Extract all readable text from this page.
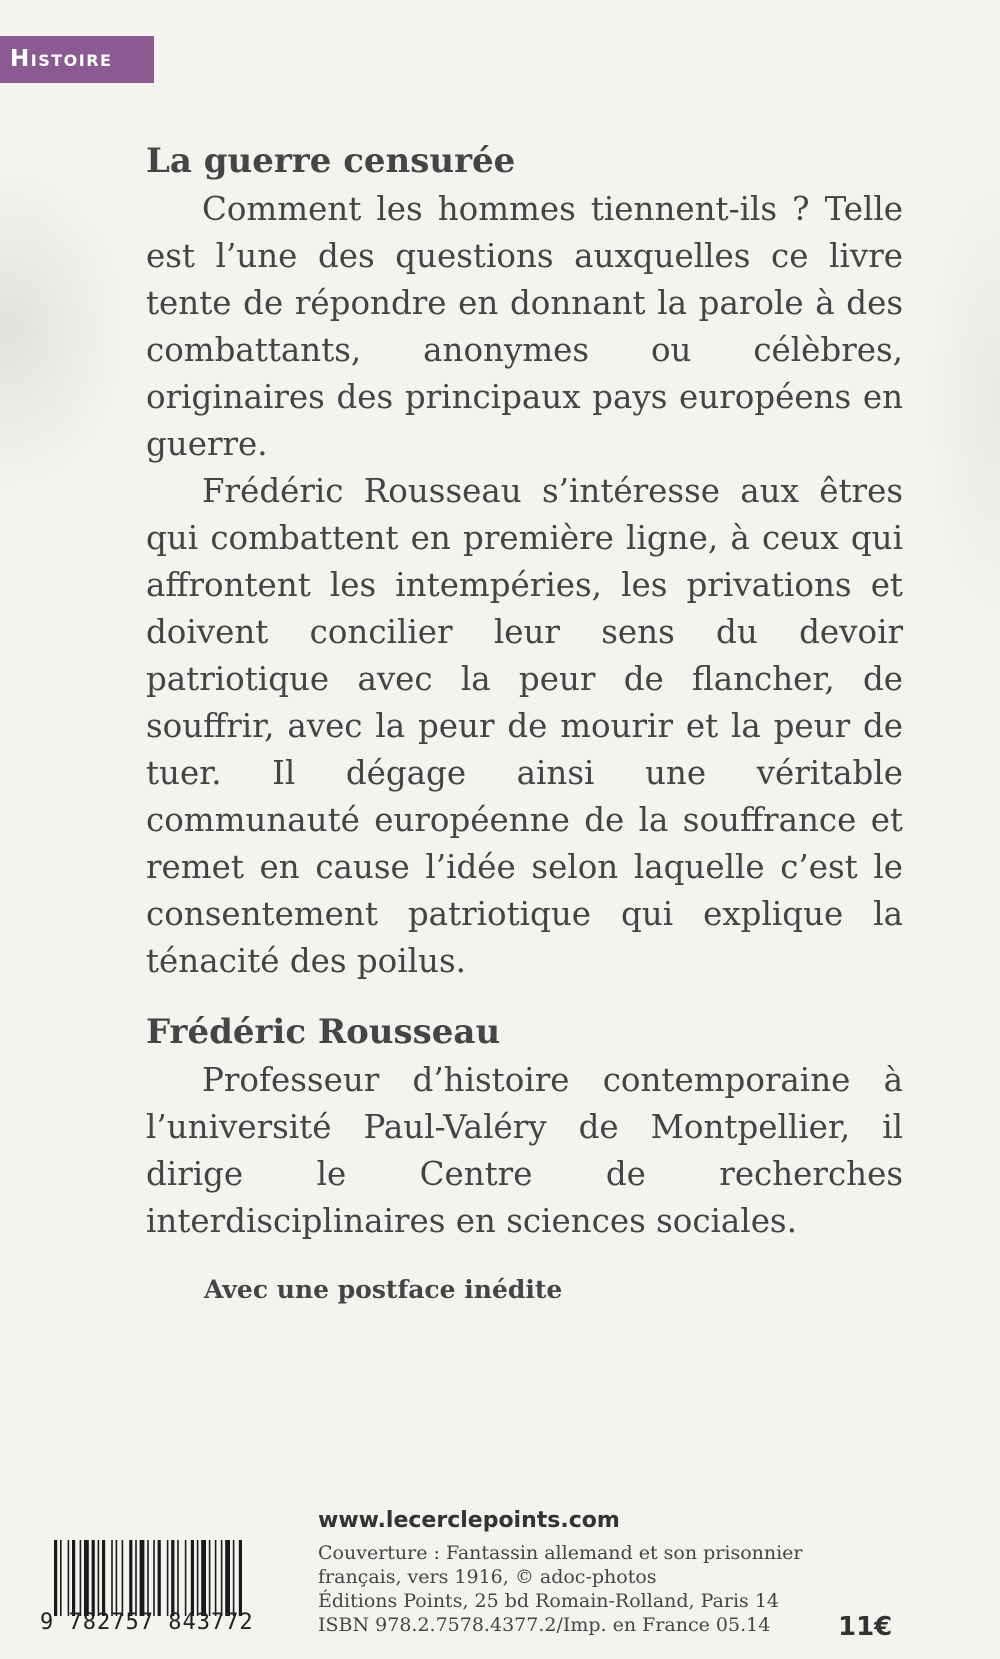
Histoire
La guerre censurée

Comment les hommes tiennent-ils ? Telle est l’une des questions auxquelles ce livre tente de répondre en donnant la parole à des combattants, anonymes ou célèbres, originaires des principaux pays européens en guerre.

Frédéric Rousseau s’intéresse aux êtres qui combattent en première ligne, à ceux qui affrontent les intempéries, les privations et doivent concilier leur sens du devoir patriotique avec la peur de flancher, de souffrir, avec la peur de mourir et la peur de tuer. Il dégage ainsi une véritable communauté européenne de la souffrance et remet en cause l’idée selon laquelle c’est le consentement patriotique qui explique la ténacité des poilus.

Frédéric Rousseau

Professeur d’histoire contemporaine à l’université Paul-Valéry de Montpellier, il dirige le Centre de recherches interdisciplinaires en sciences sociales.

Avec une postface inédite
9 782757 843772
www.lecerclepoints.com
Couverture : Fantassin allemand et son prisonnier
français, vers 1916, © adoc-photos
Éditions Points, 25 bd Romain-Rolland, Paris 14
ISBN 978.2.7578.4377.2/Imp. en France 05.14	11€
